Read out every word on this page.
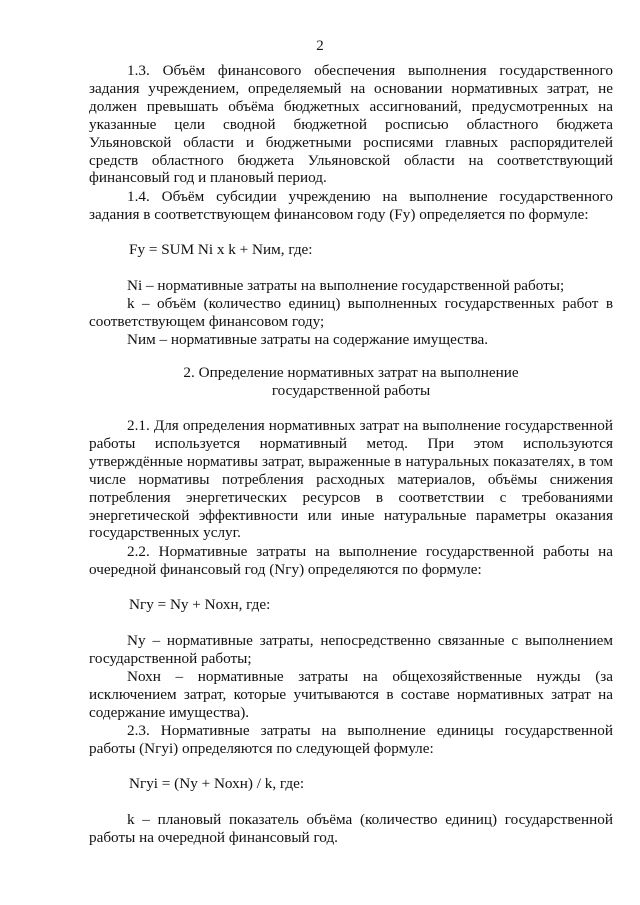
2

1.3. Объём финансового обеспечения выполнения государственного задания учреждением, определяемый на основании нормативных затрат, не должен превышать объёма бюджетных ассигнований, предусмотренных на указанные цели сводной бюджетной росписью областного бюджета Ульяновской области и бюджетными росписями главных распорядителей средств областного бюджета Ульяновской области на соответствующий финансовый год и плановый период.

1.4. Объём субсидии учреждению на выполнение государственного задания в соответствующем финансовом году (Fу) определяется по формуле:

Fу = SUM Ni x k + Nим, где:

Ni – нормативные затраты на выполнение государственной работы;

k – объём (количество единиц) выполненных государственных работ в соответствующем финансовом году;

Nим – нормативные затраты на содержание имущества.

2. Определение нормативных затрат на выполнение

государственной работы

2.1. Для определения нормативных затрат на выполнение государственной работы используется нормативный метод. При этом используются утверждённые нормативы затрат, выраженные в натуральных показателях, в том числе нормативы потребления расходных материалов, объёмы снижения потребления энергетических ресурсов в соответствии с требованиями энергетической эффективности или иные натуральные параметры оказания государственных услуг.

2.2. Нормативные затраты на выполнение государственной работы на очередной финансовый год (Nгу) определяются по формуле:

Nгу = Nу + Nохн, где:

Nу – нормативные затраты, непосредственно связанные с выполнением государственной работы;

Nохн – нормативные затраты на общехозяйственные нужды (за исключением затрат, которые учитываются в составе нормативных затрат на содержание имущества).

2.3. Нормативные затраты на выполнение единицы государственной работы (Nгуi) определяются по следующей формуле:

Nгуi = (Nу + Nохн) / k, где:

k – плановый показатель объёма (количество единиц) государственной работы на очередной финансовый год.
